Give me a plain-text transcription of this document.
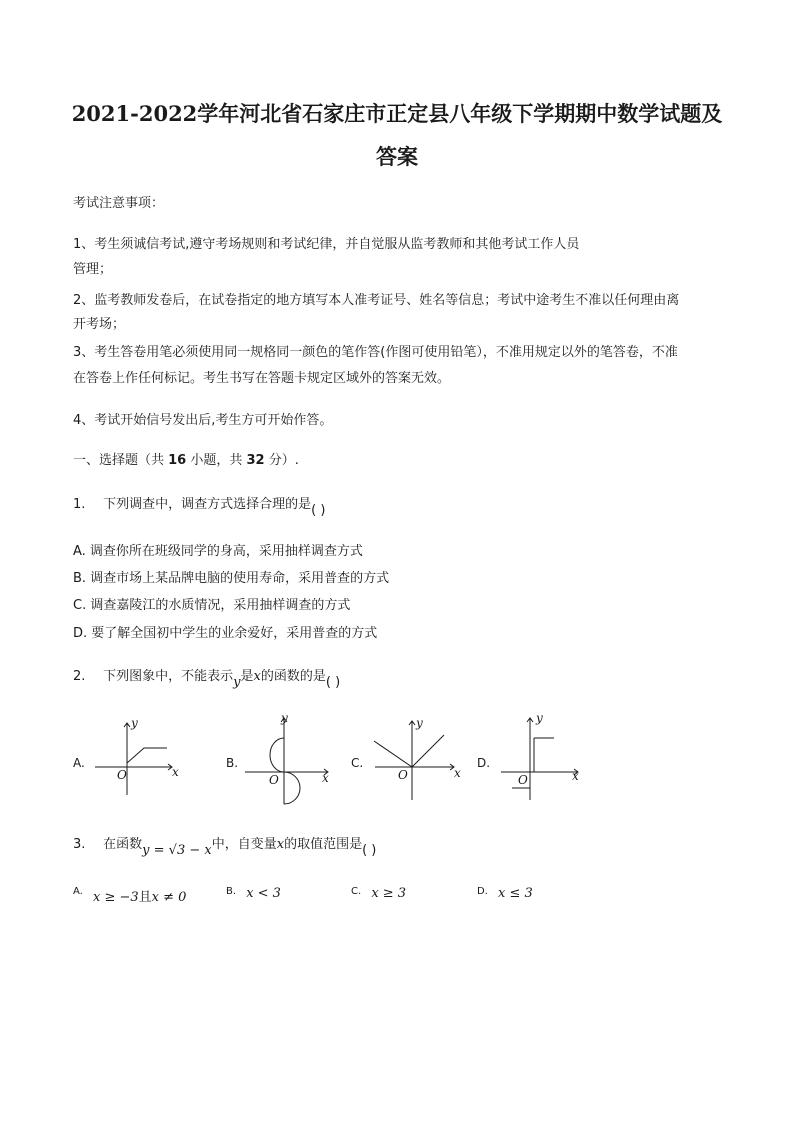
2021-2022学年河北省石家庄市正定县八年级下学期期中数学试题及
答案
考试注意事项：
1、考生须诚信考试,遵守考场规则和考试纪律，并自觉服从监考教师和其他考试工作人员
管理；
2、监考教师发卷后，在试卷指定的地方填写本人准考证号、姓名等信息；考试中途考生不准以任何理由离
开考场；
3、考生答卷用笔必须使用同一规格同一颜色的笔作答(作图可使用铅笔），不准用规定以外的笔答卷，不准
在答卷上作任何标记。考生书写在答题卡规定区域外的答案无效。
4、考试开始信号发出后,考生方可开始作答。
一、选择题（共 16 小题，共 32 分）.
1. 下列调查中，调查方式选择合理的是( )
A. 调查你所在班级同学的身高，采用抽样调查方式
B. 调查市场上某品牌电脑的使用寿命，采用普查的方式
C. 调查嘉陵江的水质情况，采用抽样调查的方式
D. 要了解全国初中学生的业余爱好，采用普查的方式
2. 下列图象中，不能表示y是x的函数的是( )
A.	B.	C.	D.
y
x
O
y
x
O
y
x
O
y
x
O
3. 在函数y = √3 − x中，自变量x的取值范围是( )
$^{A.}$ x ≥ −3且x ≠ 0	$^{B.}$ x < 3	$^{C.}$ x ≥ 3	$^{D.}$ x ≤ 3
